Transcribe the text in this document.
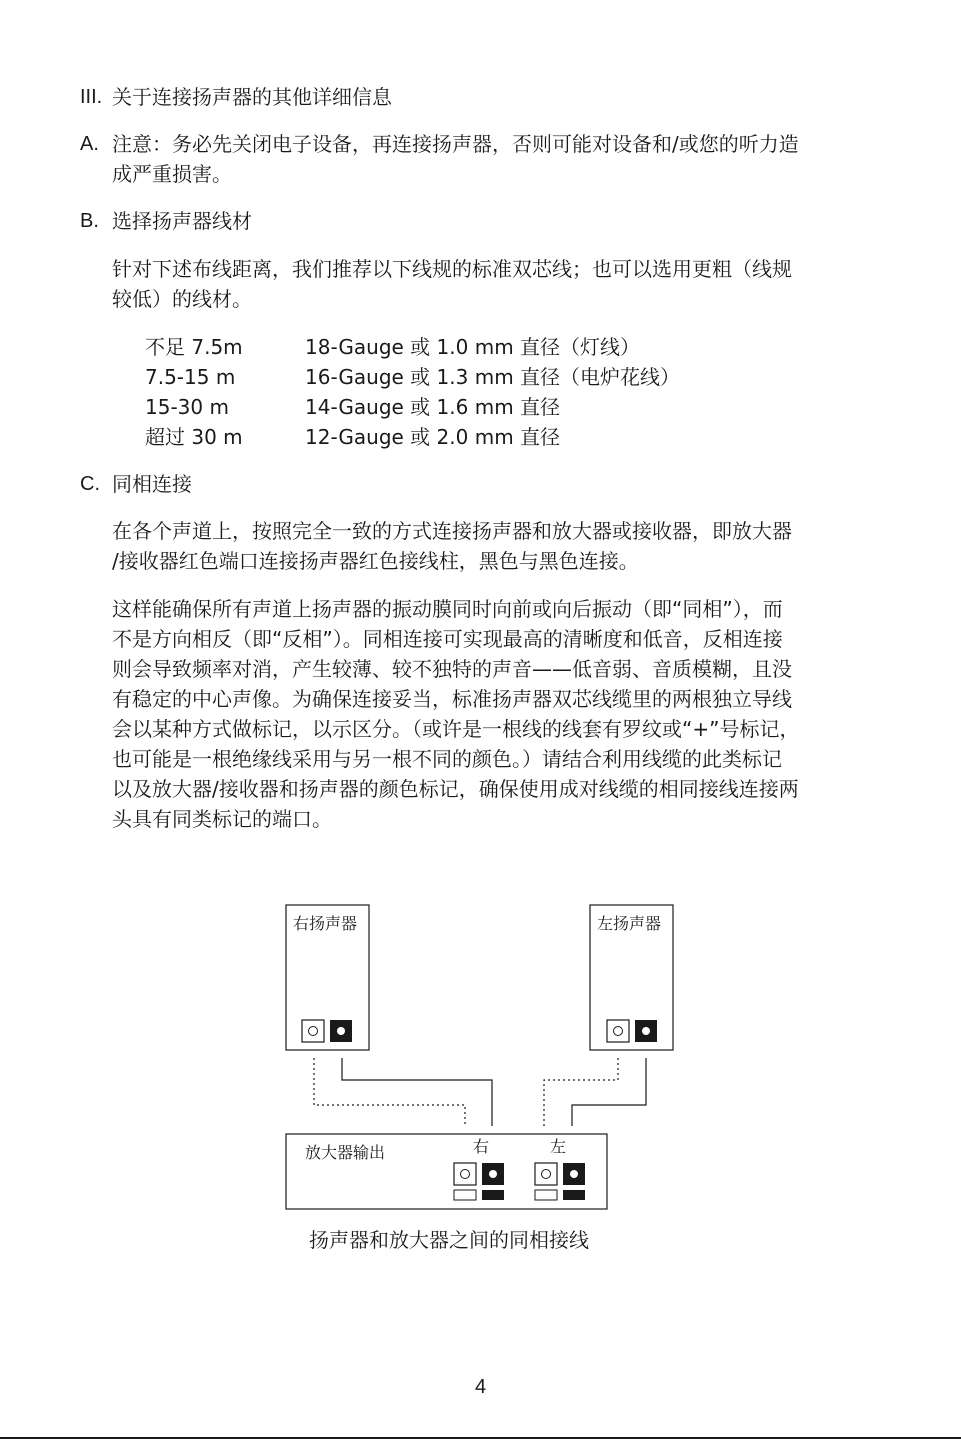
III. 关于连接扬声器的其他详细信息
A. 注意：务必先关闭电子设备，再连接扬声器，否则可能对设备和/或您的听力造
成严重损害。
B. 选择扬声器线材
针对下述布线距离，我们推荐以下线规的标准双芯线；也可以选用更粗（线规
较低）的线材。
不足 7.5m	18-Gauge 或 1.0 mm 直径（灯线）
7.5-15 m	16-Gauge 或 1.3 mm 直径（电炉花线）
15-30 m	14-Gauge 或 1.6 mm 直径
超过 30 m	12-Gauge 或 2.0 mm 直径
C. 同相连接
在各个声道上，按照完全一致的方式连接扬声器和放大器或接收器，即放大器
/接收器红色端口连接扬声器红色接线柱，黑色与黑色连接。
这样能确保所有声道上扬声器的振动膜同时向前或向后振动（即“同相”），而
不是方向相反（即“反相”）。同相连接可实现最高的清晰度和低音，反相连接
则会导致频率对消，产生较薄、较不独特的声音——低音弱、音质模糊，且没
有稳定的中心声像。为确保连接妥当，标准扬声器双芯线缆里的两根独立导线
会以某种方式做标记，以示区分。（或许是一根线的线套有罗纹或“+”号标记，
也可能是一根绝缘线采用与另一根不同的颜色。）请结合利用线缆的此类标记
以及放大器/接收器和扬声器的颜色标记，确保使用成对线缆的相同接线连接两
头具有同类标记的端口。
右扬声器	左扬声器
放大器输出	右	左
扬声器和放大器之间的同相接线
4
